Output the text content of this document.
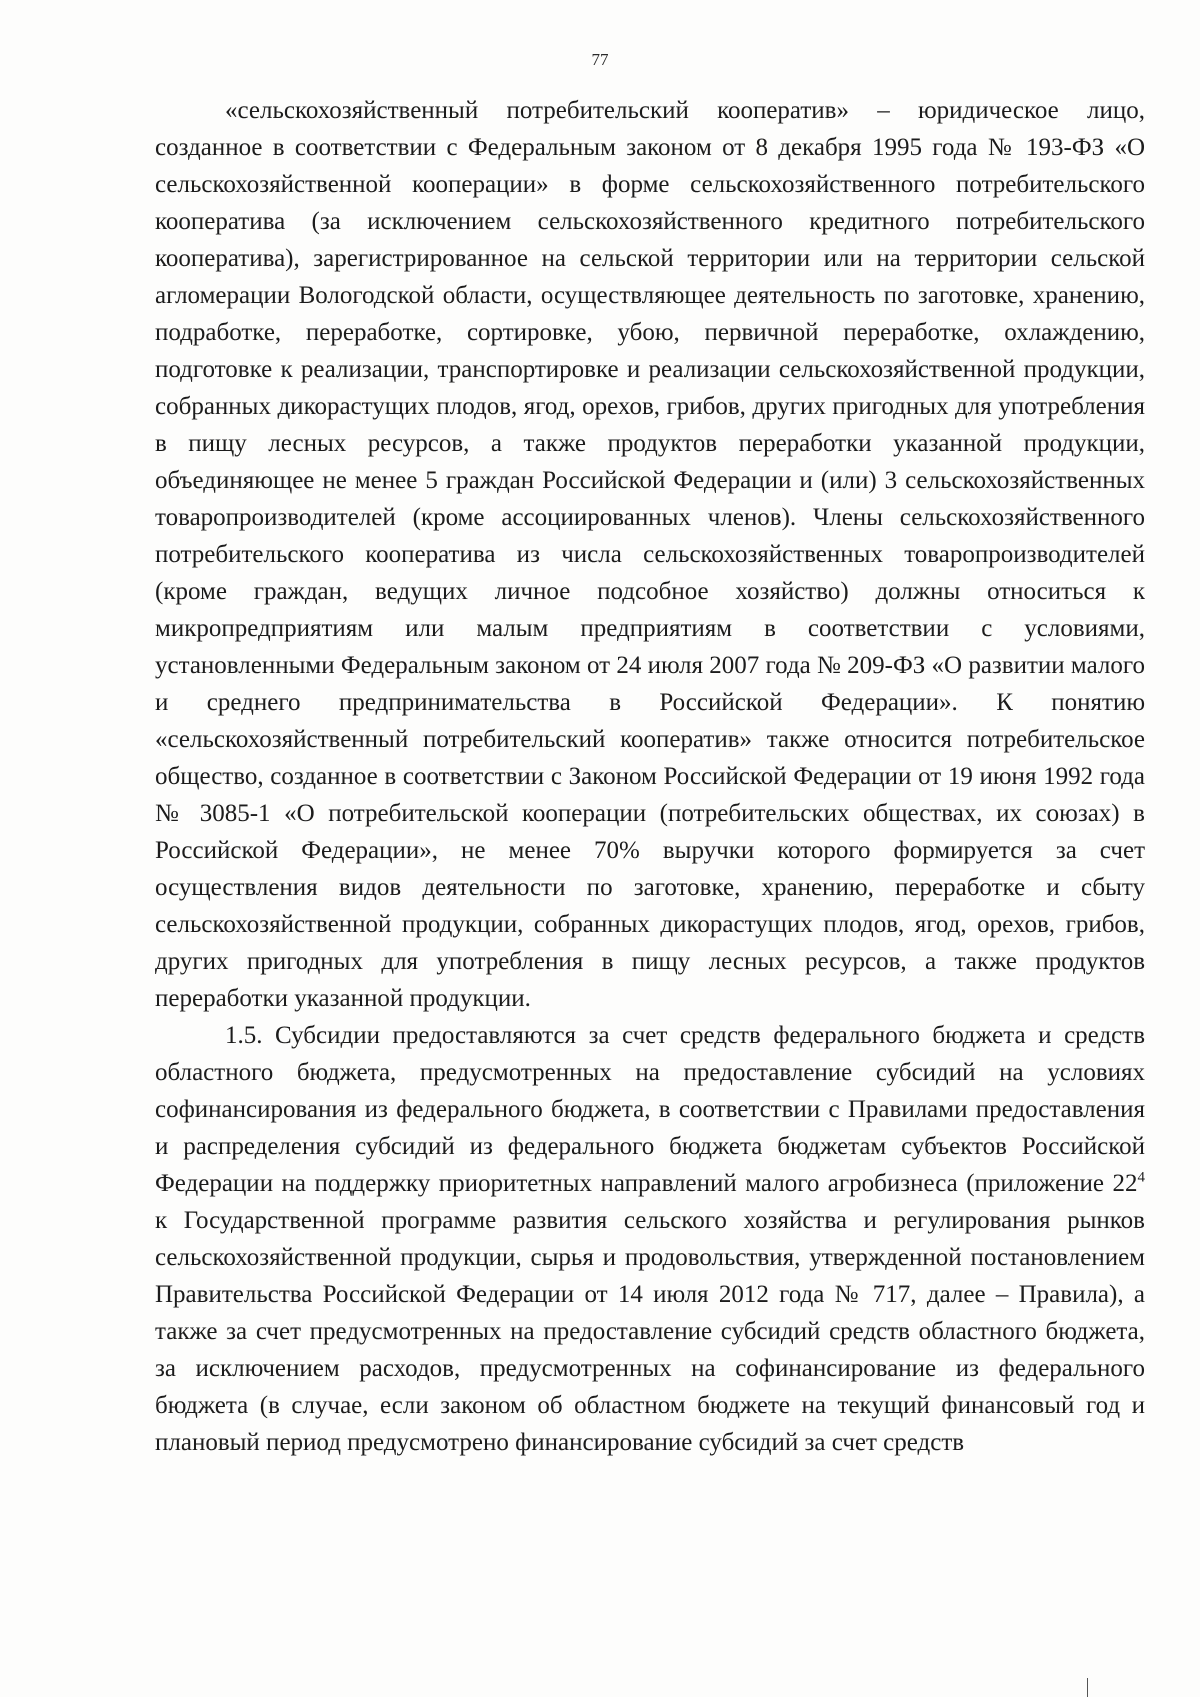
77

«сельскохозяйственный потребительский кооператив» – юридическое лицо, созданное в соответствии с Федеральным законом от 8 декабря 1995 года № 193-ФЗ «О сельскохозяйственной кооперации» в форме сельскохозяйственного потребительского кооператива (за исключением сельскохозяйственного кредитного потребительского кооператива), зарегистрированное на сельской территории или на территории сельской агломерации Вологодской области, осуществляющее деятельность по заготовке, хранению, подработке, переработке, сортировке, убою, первичной переработке, охлаждению, подготовке к реализации, транспортировке и реализации сельскохозяйственной продукции, собранных дикорастущих плодов, ягод, орехов, грибов, других пригодных для употребления в пищу лесных ресурсов, а также продуктов переработки указанной продукции, объединяющее не менее 5 граждан Российской Федерации и (или) 3 сельскохозяйственных товаропроизводителей (кроме ассоциированных членов). Члены сельскохозяйственного потребительского кооператива из числа сельскохозяйственных товаропроизводителей (кроме граждан, ведущих личное подсобное хозяйство) должны относиться к микропредприятиям или малым предприятиям в соответствии с условиями, установленными Федеральным законом от 24 июля 2007 года № 209-ФЗ «О развитии малого и среднего предпринимательства в Российской Федерации». К понятию «сельскохозяйственный потребительский кооператив» также относится потребительское общество, созданное в соответствии с Законом Российской Федерации от 19 июня 1992 года № 3085-1 «О потребительской кооперации (потребительских обществах, их союзах) в Российской Федерации», не менее 70% выручки которого формируется за счет осуществления видов деятельности по заготовке, хранению, переработке и сбыту сельскохозяйственной продукции, собранных дикорастущих плодов, ягод, орехов, грибов, других пригодных для употребления в пищу лесных ресурсов, а также продуктов переработки указанной продукции.

1.5. Субсидии предоставляются за счет средств федерального бюджета и средств областного бюджета, предусмотренных на предоставление субсидий на условиях софинансирования из федерального бюджета, в соответствии с Правилами предоставления и распределения субсидий из федерального бюджета бюджетам субъектов Российской Федерации на поддержку приоритетных направлений малого агробизнеса (приложение $22^4$ к Государственной программе развития сельского хозяйства и регулирования рынков сельскохозяйственной продукции, сырья и продовольствия, утвержденной постановлением Правительства Российской Федерации от 14 июля 2012 года № 717, далее – Правила), а также за счет предусмотренных на предоставление субсидий средств областного бюджета, за исключением расходов, предусмотренных на софинансирование из федерального бюджета (в случае, если законом об областном бюджете на текущий финансовый год и плановый период предусмотрено финансирование субсидий за счет средств
